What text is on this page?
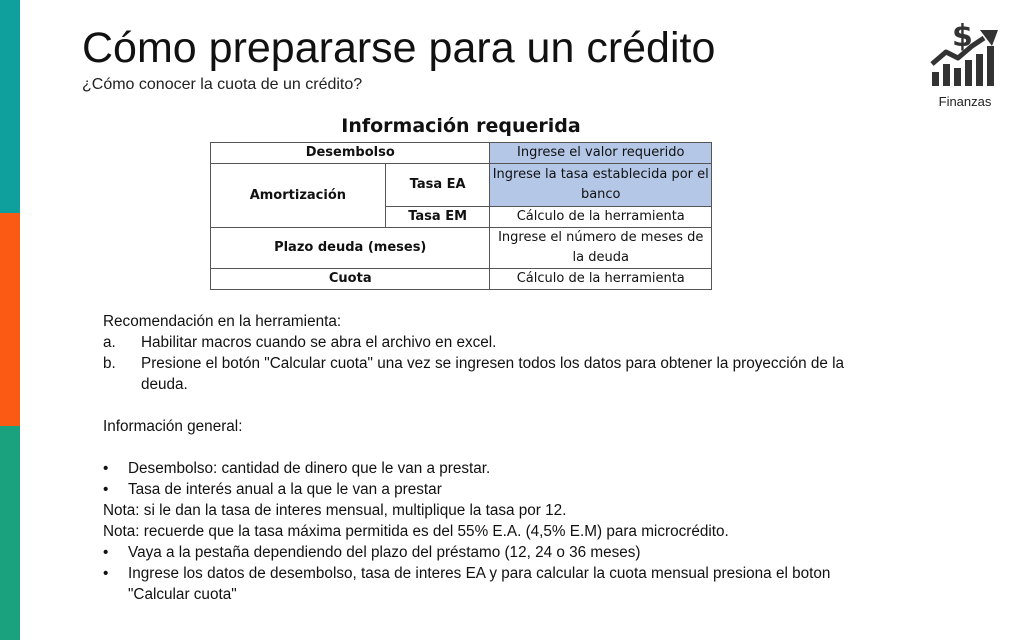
Cómo prepararse para un crédito
¿Cómo conocer la cuota de un crédito?
$
Finanzas
Información requerida
Desembolso		Ingrese el valor requerido
Amortización	Tasa EA	Ingrese la tasa establecida por el banco
	Tasa EM	Cálculo de la herramienta
Plazo deuda (meses)		Ingrese el número de meses de la deuda
Cuota		Cálculo de la herramienta
Recomendación en la herramienta:
a.	Habilitar macros cuando se abra el archivo en excel.
b.	Presione el botón "Calcular cuota" una vez se ingresen todos los datos para obtener la proyección de la deuda.
Información general:
•	Desembolso: cantidad de dinero que le van a prestar.
•	Tasa de interés anual a la que le van a prestar
Nota: si le dan la tasa de interes mensual, multiplique la tasa por 12.
Nota: recuerde que la tasa máxima permitida es del 55% E.A. (4,5% E.M) para microcrédito.
•	Vaya a la pestaña dependiendo del plazo del préstamo (12, 24 o 36 meses)
•	Ingrese los datos de desembolso, tasa de interes EA y para calcular la cuota mensual presiona el boton "Calcular cuota"
